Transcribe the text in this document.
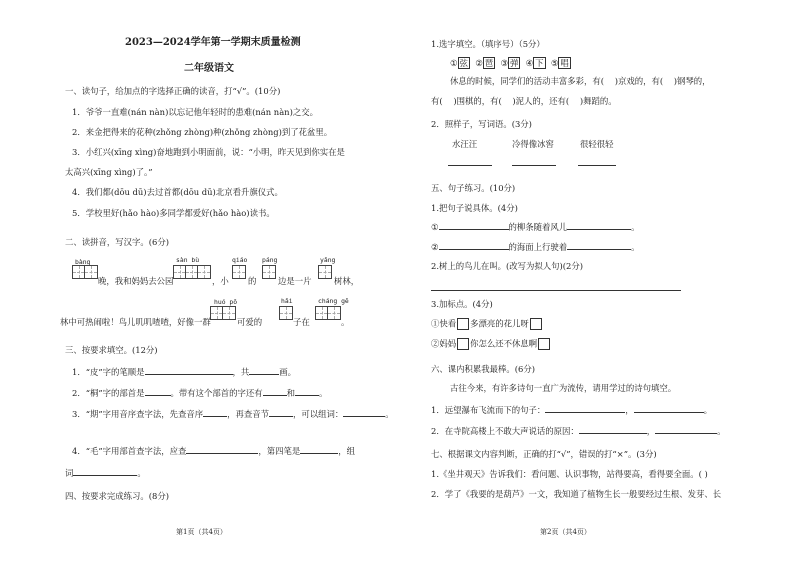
2023—2024学年第一学期末质量检测
二年级语文
一、读句子，给加点的字选择正确的读音，打“√”。(10分)
1．爷爷一直难(nán nàn)以忘记他年轻时的患难(nán nàn)之交。
2．来金把得来的花种(zhǒng zhòng)种(zhǒng zhòng)到了花盆里。
3．小红兴(xīng xìng)奋地跑到小明面前，说：“小明，昨天见到你实在是
太高兴(xīng xìng)了。”
4．我们都(dōu dū)去过首都(dōu dū)北京看升旗仪式。
5．学校里好(hǎo hào)多同学都爱好(hǎo hào)读书。
二、读拼音，写汉字。(6分)
bàng	sàn bù	qiáo páng	yǎng
晚，我和妈妈去公园	，小 的	边是一片	树林，
huó pō	hǎi	cháng gē
林中可热闹啦！鸟儿叽叽喳喳，好像一群	可爱的	子在	。
三、按要求填空。(12分)
1．“皮”字的笔顺是	，共	画。
2．“桐”字的部首是	。带有这个部首的字还有	和	。
3．“期”字用音序查字法，先查音序	，再查音节	，可以组词：	。
4．“毛”字用部首查字法，应查	，第四笔是	，组
词	。
四、按要求完成练习。(8分)
第1页（共4页）
1.选字填空。（填序号）（5分）
① 弦 ② 琶 ③ 弹 ④ 下 ⑤ 唱
休息的时候，同学们的活动丰富多彩，有( )京戏的，有( )钢琴的，
有( )围棋的，有( )泥人的，还有( )舞蹈的。
2．照样子，写词语。(3分)
水汪汪	冷得像冰窖	很轻很轻
五、句子练习。(10分)
1.把句子说具体。(4分)
①	的柳条随着风儿	。
②	的海面上行驶着	。
2.树上的鸟儿在叫。(改写为拟人句)(2分)
3.加标点。(4分)
①快看 多漂亮的花儿呀
②妈妈 你怎么还不休息啊
六、课内积累我最棒。(6分)
古往今来，有许多诗句一直广为流传，请用学过的诗句填空。
1．远望瀑布飞流而下的句子：	，	。
2．在寺院高楼上不敢大声说话的原因：	，	。
七、根据课文内容判断，正确的打“√”，错误的打“×”。(3分)
1.《坐井观天》告诉我们：看问题、认识事物，站得要高，看得要全面。( )
2．学了《我要的是葫芦》一文，我知道了植物生长一般要经过生根、发芽、长
第2页（共4页）
